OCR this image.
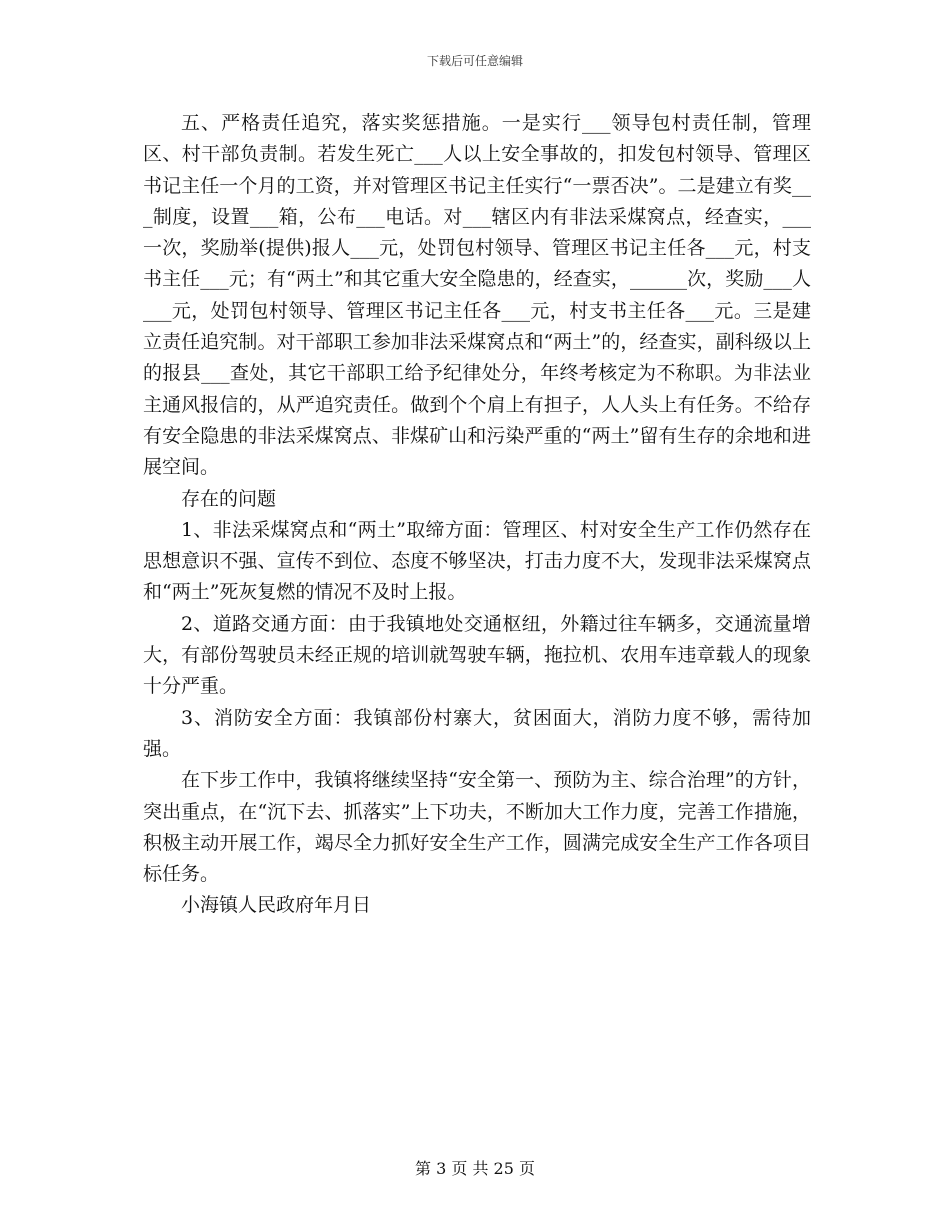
下载后可任意编辑

五、严格责任追究，落实奖惩措施。一是实行___领导包村责任制，管理区、村干部负责制。若发生死亡___人以上安全事故的，扣发包村领导、管理区书记主任一个月的工资，并对管理区书记主任实行“一票否决”。二是建立有奖___制度，设置___箱，公布___电话。对___辖区内有非法采煤窝点，经查实，___一次，奖励举(提供)报人___元，处罚包村领导、管理区书记主任各___元，村支书主任___元；有“两土”和其它重大安全隐患的，经查实，______次，奖励___人___元，处罚包村领导、管理区书记主任各___元，村支书主任各___元。三是建立责任追究制。对干部职工参加非法采煤窝点和“两土”的，经查实，副科级以上的报县___查处，其它干部职工给予纪律处分，年终考核定为不称职。为非法业主通风报信的，从严追究责任。做到个个肩上有担子，人人头上有任务。不给存有安全隐患的非法采煤窝点、非煤矿山和污染严重的“两土”留有生存的余地和进展空间。

存在的问题

1、非法采煤窝点和“两土”取缔方面：管理区、村对安全生产工作仍然存在思想意识不强、宣传不到位、态度不够坚决，打击力度不大，发现非法采煤窝点和“两土”死灰复燃的情况不及时上报。

2、道路交通方面：由于我镇地处交通枢纽，外籍过往车辆多，交通流量增大，有部份驾驶员未经正规的培训就驾驶车辆，拖拉机、农用车违章载人的现象十分严重。

3、消防安全方面：我镇部份村寨大，贫困面大，消防力度不够，需待加强。

在下步工作中，我镇将继续坚持“安全第一、预防为主、综合治理”的方针，突出重点，在“沉下去、抓落实”上下功夫，不断加大工作力度，完善工作措施，积极主动开展工作，竭尽全力抓好安全生产工作，圆满完成安全生产工作各项目标任务。

小海镇人民政府年月日

第 3 页 共 25 页
